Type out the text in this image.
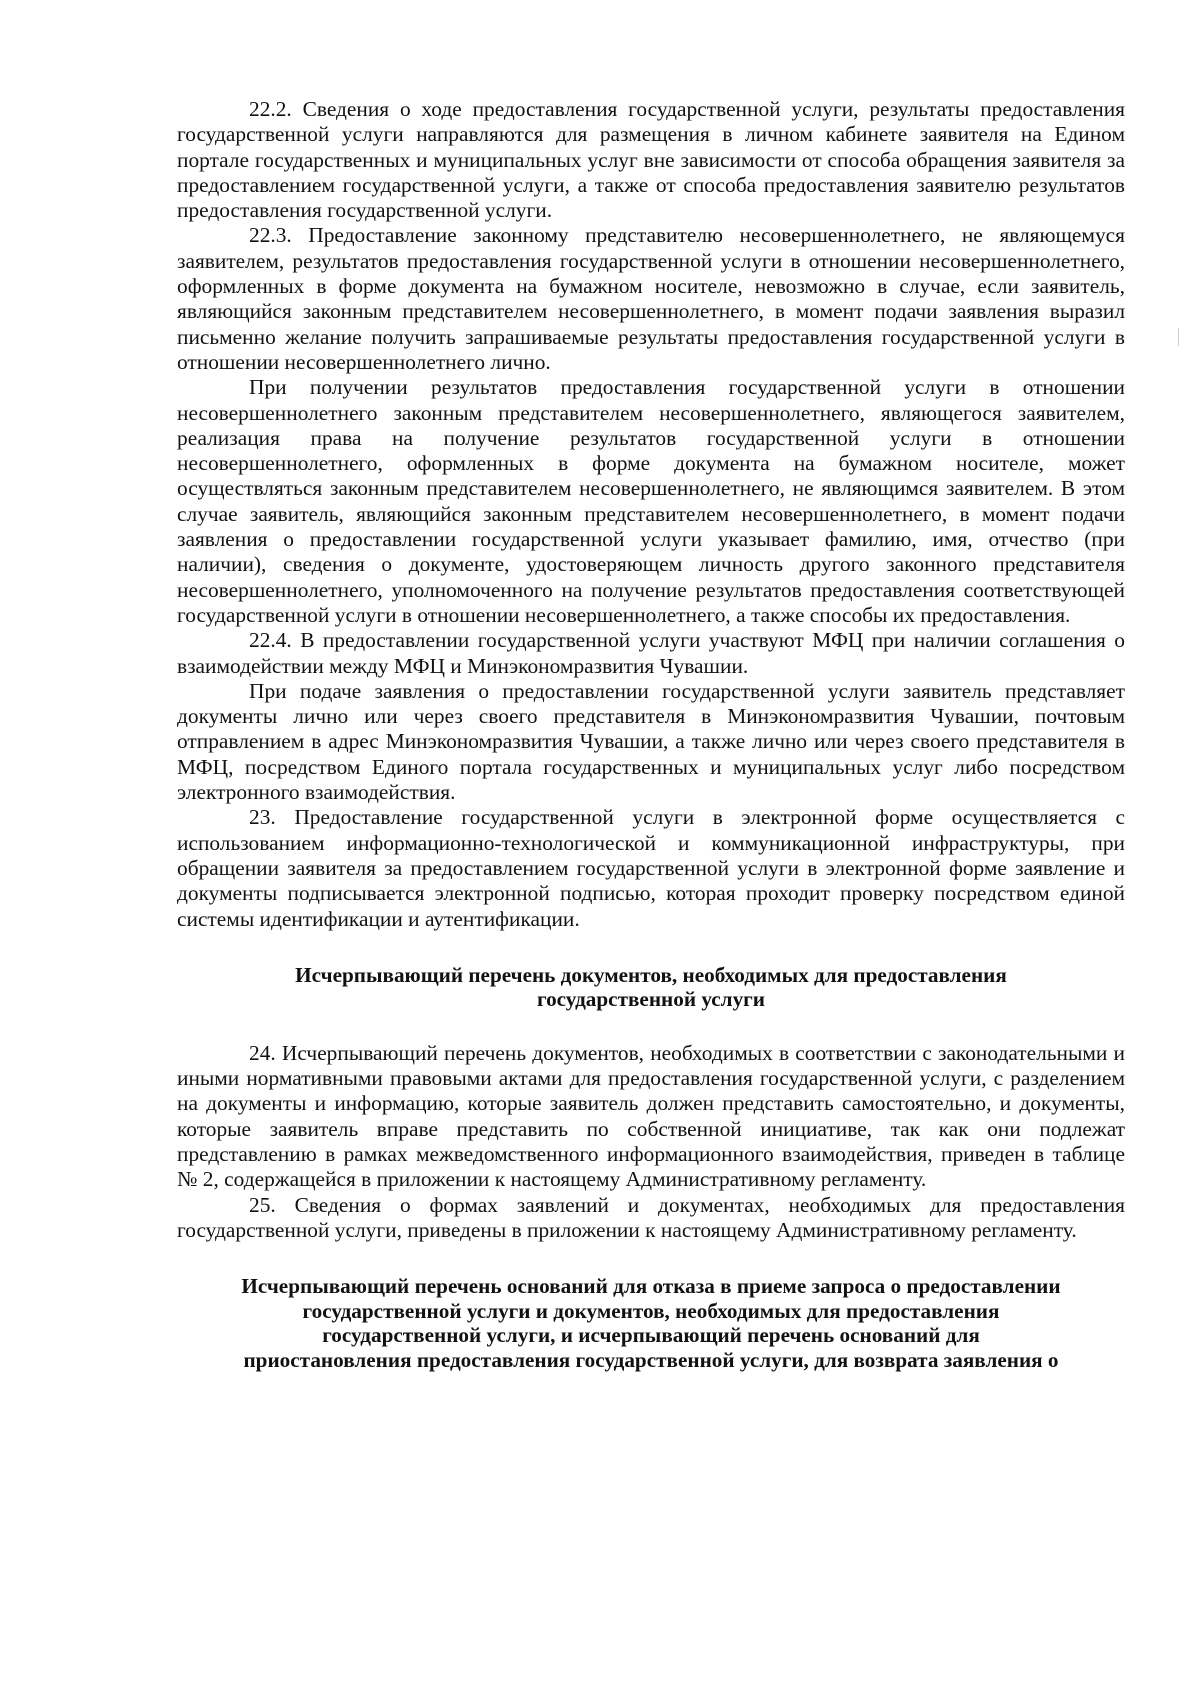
22.2. Сведения о ходе предоставления государственной услуги, результаты предоставления государственной услуги направляются для размещения в личном кабинете заявителя на Едином портале государственных и муниципальных услуг вне зависимости от способа обращения заявителя за предоставлением государственной услуги, а также от способа предоставления заявителю результатов предоставления государственной услуги.

22.3. Предоставление законному представителю несовершеннолетнего, не являющемуся заявителем, результатов предоставления государственной услуги в отношении несовершеннолетнего, оформленных в форме документа на бумажном носителе, невозможно в случае, если заявитель, являющийся законным представителем несовершеннолетнего, в момент подачи заявления выразил письменно желание получить запрашиваемые результаты предоставления государственной услуги в отношении несовершеннолетнего лично.

При получении результатов предоставления государственной услуги в отношении несовершеннолетнего законным представителем несовершеннолетнего, являющегося заявителем, реализация права на получение результатов государственной услуги в отношении несовершеннолетнего, оформленных в форме документа на бумажном носителе, может осуществляться законным представителем несовершеннолетнего, не являющимся заявителем. В этом случае заявитель, являющийся законным представителем несовершеннолетнего, в момент подачи заявления о предоставлении государственной услуги указывает фамилию, имя, отчество (при наличии), сведения о документе, удостоверяющем личность другого законного представителя несовершеннолетнего, уполномоченного на получение результатов предоставления соответствующей государственной услуги в отношении несовершеннолетнего, а также способы их предоставления.

22.4. В предоставлении государственной услуги участвуют МФЦ при наличии соглашения о взаимодействии между МФЦ и Минэкономразвития Чувашии.

При подаче заявления о предоставлении государственной услуги заявитель представляет документы лично или через своего представителя в Минэкономразвития Чувашии, почтовым отправлением в адрес Минэкономразвития Чувашии, а также лично или через своего представителя в МФЦ, посредством Единого портала государственных и муниципальных услуг либо посредством электронного взаимодействия.

23. Предоставление государственной услуги в электронной форме осуществляется с использованием информационно-технологической и коммуникационной инфраструктуры, при обращении заявителя за предоставлением государственной услуги в электронной форме заявление и документы подписывается электронной подписью, которая проходит проверку посредством единой системы идентификации и аутентификации.

Исчерпывающий перечень документов, необходимых для предоставления
государственной услуги

24. Исчерпывающий перечень документов, необходимых в соответствии с законодательными и иными нормативными правовыми актами для предоставления государственной услуги, с разделением на документы и информацию, которые заявитель должен представить самостоятельно, и документы, которые заявитель вправе представить по собственной инициативе, так как они подлежат представлению в рамках межведомственного информационного взаимодействия, приведен в таблице № 2, содержащейся в приложении к настоящему Административному регламенту.

25. Сведения о формах заявлений и документах, необходимых для предоставления государственной услуги, приведены в приложении к настоящему Административному регламенту.

Исчерпывающий перечень оснований для отказа в приеме запроса о предоставлении
государственной услуги и документов, необходимых для предоставления
государственной услуги, и исчерпывающий перечень оснований для
приостановления предоставления государственной услуги, для возврата заявления о
